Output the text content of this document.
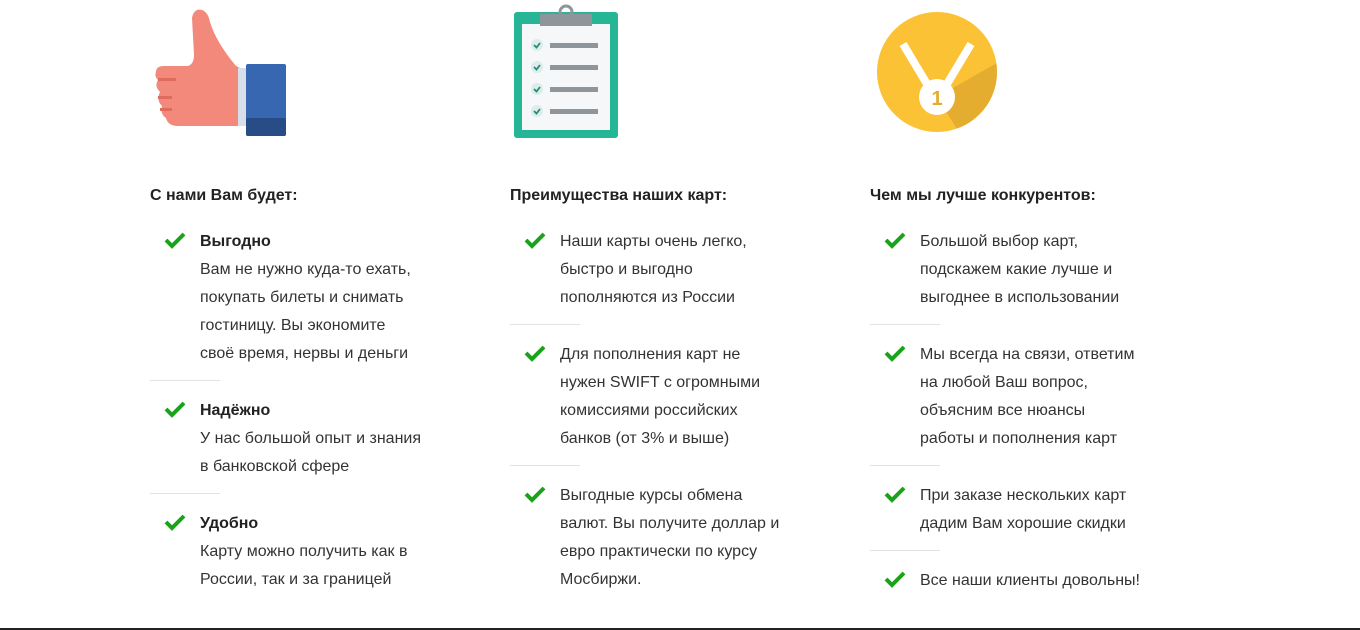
С нами Вам будет:
Выгодно
Вам не нужно куда-то ехать,
покупать билеты и снимать
гостиницу. Вы экономите
своё время, нервы и деньги
Надёжно
У нас большой опыт и знания
в банковской сфере
Удобно
Карту можно получить как в
России, так и за границей
Преимущества наших карт:
Наши карты очень легко,
быстро и выгодно
пополняются из России
Для пополнения карт не
нужен SWIFT с огромными
комиссиями российских
банков (от 3% и выше)
Выгодные курсы обмена
валют. Вы получите доллар и
евро практически по курсу
Мосбиржи.
1
Чем мы лучше конкурентов:
Большой выбор карт,
подскажем какие лучше и
выгоднее в использовании
Мы всегда на связи, ответим
на любой Ваш вопрос,
объясним все нюансы
работы и пополнения карт
При заказе нескольких карт
дадим Вам хорошие скидки
Все наши клиенты довольны!
